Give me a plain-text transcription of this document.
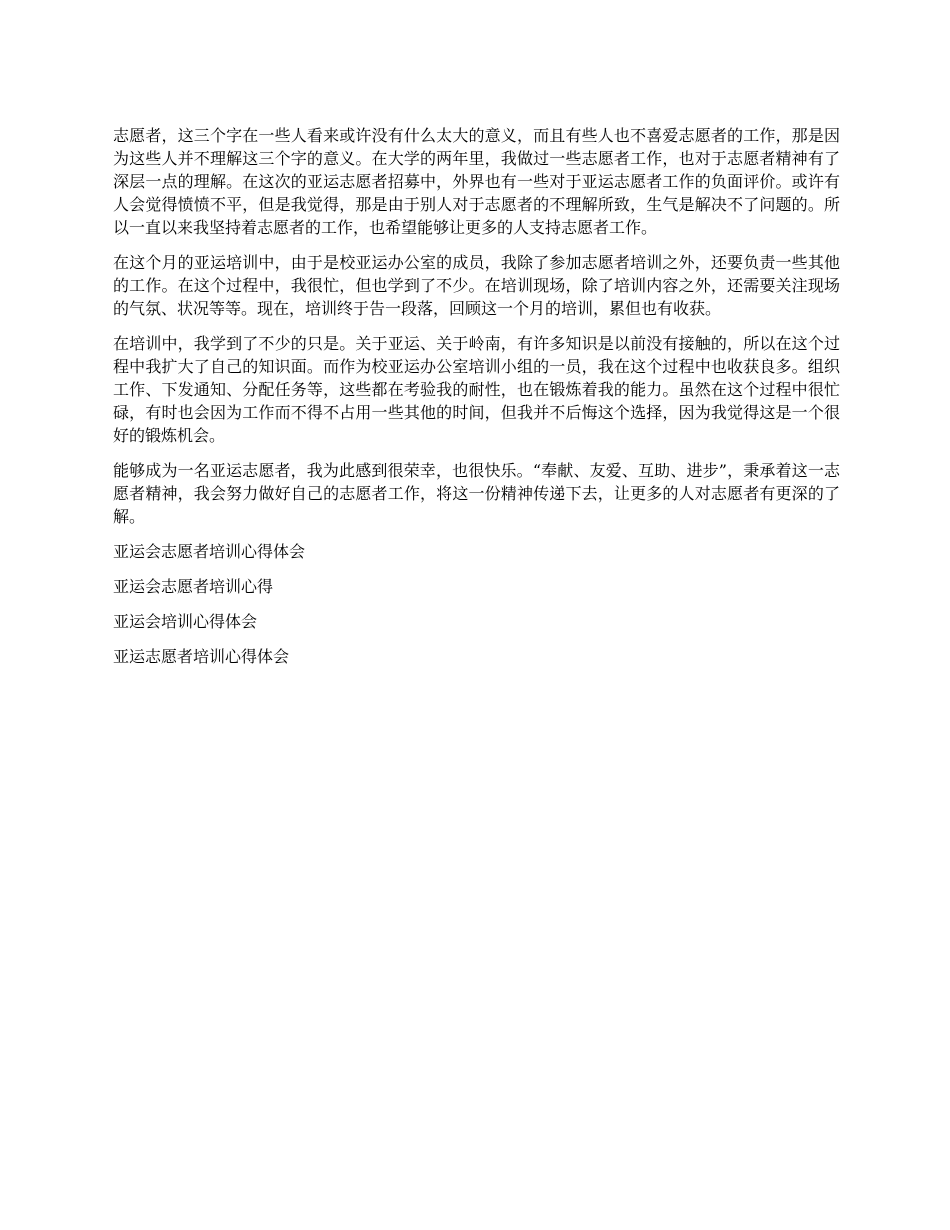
志愿者，这三个字在一些人看来或许没有什么太大的意义，而且有些人也不喜爱志愿者的工作，那是因为这些人并不理解这三个字的意义。在大学的两年里，我做过一些志愿者工作，也对于志愿者精神有了深层一点的理解。在这次的亚运志愿者招募中，外界也有一些对于亚运志愿者工作的负面评价。或许有人会觉得愤愤不平，但是我觉得，那是由于别人对于志愿者的不理解所致，生气是解决不了问题的。所以一直以来我坚持着志愿者的工作，也希望能够让更多的人支持志愿者工作。

在这个月的亚运培训中，由于是校亚运办公室的成员，我除了参加志愿者培训之外，还要负责一些其他的工作。在这个过程中，我很忙，但也学到了不少。在培训现场，除了培训内容之外，还需要关注现场的气氛、状况等等。现在，培训终于告一段落，回顾这一个月的培训，累但也有收获。

在培训中，我学到了不少的只是。关于亚运、关于岭南，有许多知识是以前没有接触的，所以在这个过程中我扩大了自己的知识面。而作为校亚运办公室培训小组的一员，我在这个过程中也收获良多。组织工作、下发通知、分配任务等，这些都在考验我的耐性，也在锻炼着我的能力。虽然在这个过程中很忙碌，有时也会因为工作而不得不占用一些其他的时间，但我并不后悔这个选择，因为我觉得这是一个很好的锻炼机会。

能够成为一名亚运志愿者，我为此感到很荣幸，也很快乐。“奉献、友爱、互助、进步”，秉承着这一志愿者精神，我会努力做好自己的志愿者工作，将这一份精神传递下去，让更多的人对志愿者有更深的了解。

亚运会志愿者培训心得体会
亚运会志愿者培训心得
亚运会培训心得体会
亚运志愿者培训心得体会
